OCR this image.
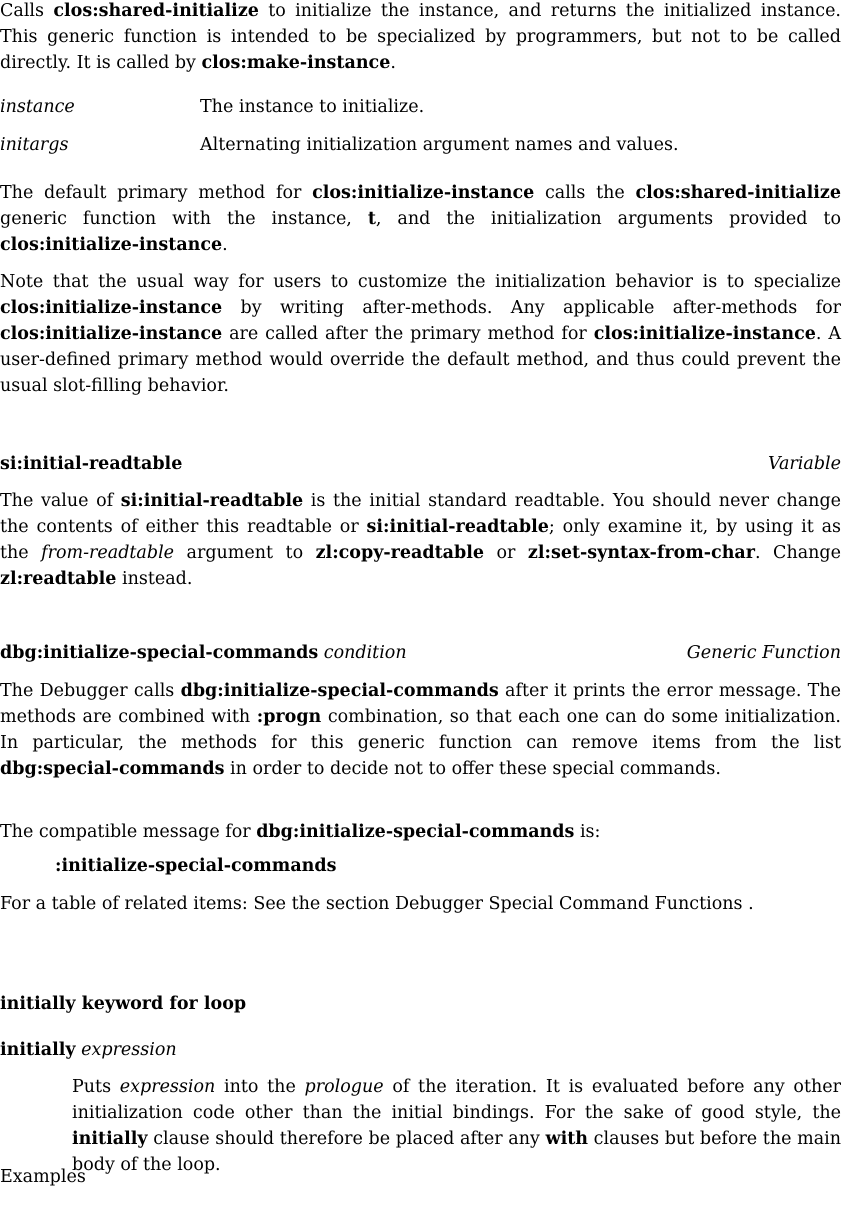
Calls clos:shared-initialize to initialize the instance, and returns the initialized instance. This generic function is intended to be specialized by programmers, but not to be called directly. It is called by clos:make-instance.

instance	The instance to initialize.
initargs	Alternating initialization argument names and values.

The default primary method for clos:initialize-instance calls the clos:shared-initialize generic function with the instance, t, and the initialization arguments provided to clos:initialize-instance.

Note that the usual way for users to customize the initialization behavior is to specialize clos:initialize-instance by writing after-methods. Any applicable after-methods for clos:initialize-instance are called after the primary method for clos:initialize-instance. A user-defined primary method would override the default method, and thus could prevent the usual slot-filling behavior.

si:initial-readtable	Variable

The value of si:initial-readtable is the initial standard readtable. You should never change the contents of either this readtable or si:initial-readtable; only examine it, by using it as the from-readtable argument to zl:copy-readtable or zl:set-syntax-from-char. Change zl:readtable instead.

dbg:initialize-special-commands condition	Generic Function

The Debugger calls dbg:initialize-special-commands after it prints the error message. The methods are combined with :progn combination, so that each one can do some initialization. In particular, the methods for this generic function can remove items from the list dbg:special-commands in order to decide not to offer these special commands.

The compatible message for dbg:initialize-special-commands is:

:initialize-special-commands

For a table of related items: See the section Debugger Special Command Functions .

initially keyword for loop
initially expression

Puts expression into the prologue of the iteration. It is evaluated before any other initialization code other than the initial bindings. For the sake of good style, the initially clause should therefore be placed after any with clauses but before the main body of the loop.

Examples
